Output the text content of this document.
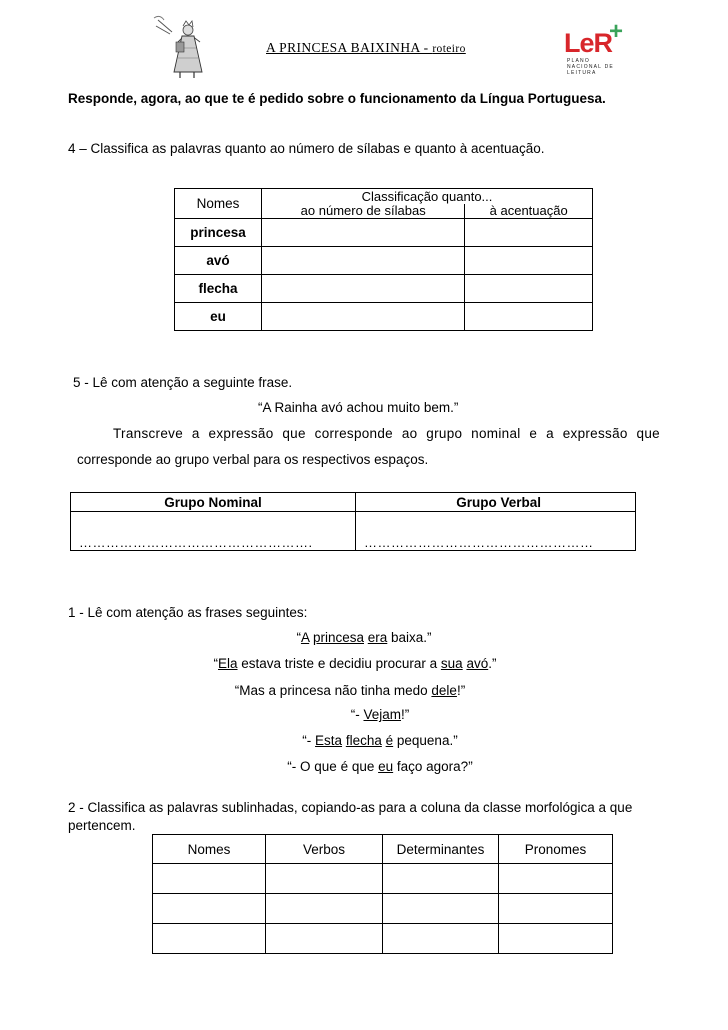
A PRINCESA BAIXINHA - roteiro	LeR
+
PLANO NACIONAL DE LEITURA
Responde, agora, ao que te é pedido sobre o funcionamento da Língua Portuguesa.
4 – Classifica as palavras quanto ao número de sílabas e quanto à acentuação.
Nomes	Classificação quanto...	
	ao número de sílabas	à acentuação
princesa		
avó		
flecha		
eu		
5 - Lê com atenção a seguinte frase.
“A Rainha avó achou muito bem.”
Transcreve a expressão que corresponde ao grupo nominal e a expressão que
corresponde ao grupo verbal para os respectivos espaços.
Grupo Nominal	Grupo Verbal
…………………………………………….	……………………………………………
1 - Lê com atenção as frases seguintes:
“A princesa era baixa.”
“Ela estava triste e decidiu procurar a sua avó.”
“Mas a princesa não tinha medo dele!”
“- Vejam!”
“- Esta flecha é pequena.”
“- O que é que eu faço agora?”
2 - Classifica as palavras sublinhadas, copiando-as para a coluna da classe morfológica a que pertencem.
Nomes	Verbos	Determinantes	Pronomes
